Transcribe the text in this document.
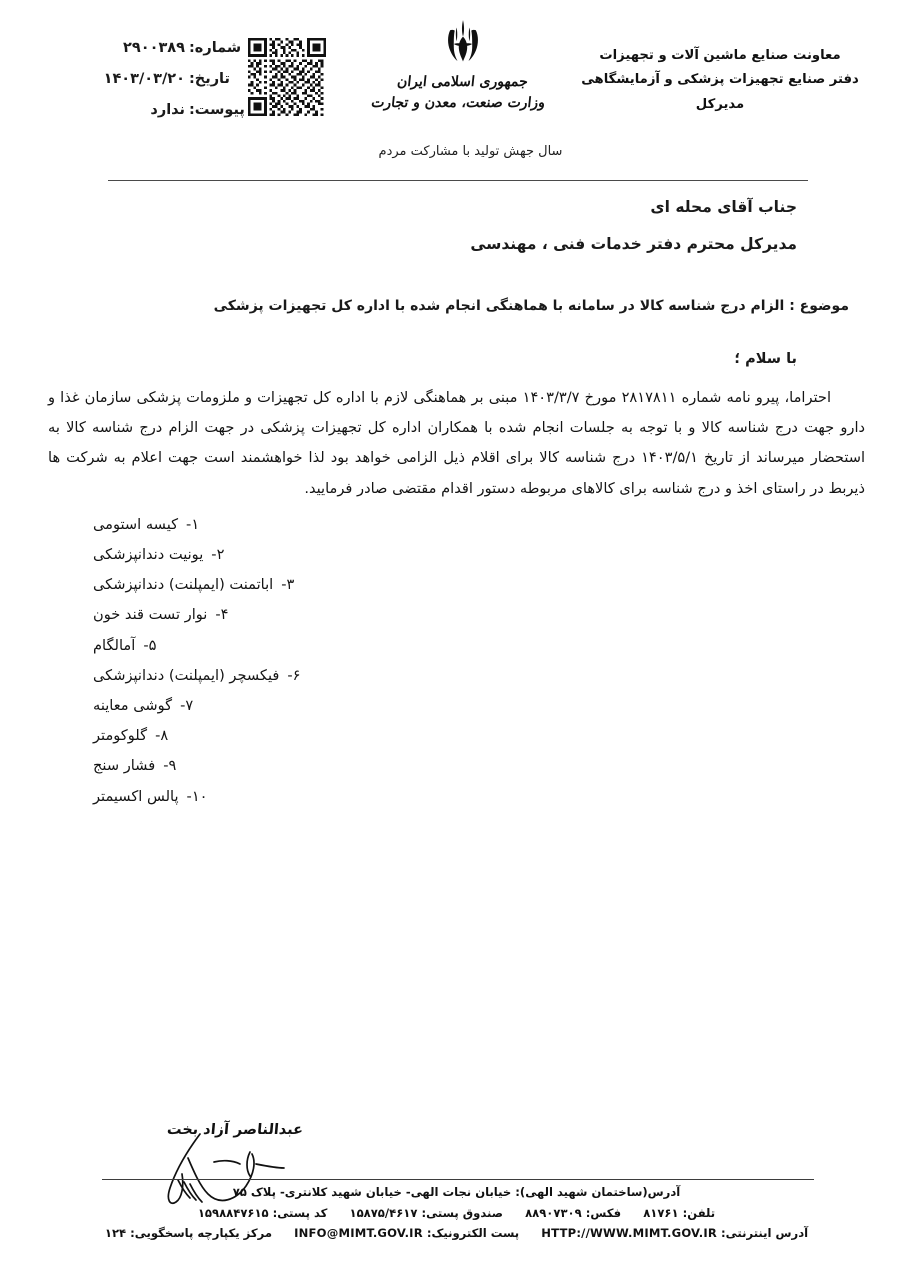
شماره:
۲۹۰۰۳۸۹
تاریخ:
۱۴۰۳/۰۳/۲۰
پیوست:
ندارد
جمهوری اسلامی ایران
وزارت صنعت، معدن و تجارت
معاونت صنایع ماشین آلات و تجهیزات
دفتر صنایع تجهیزات پزشکی و آزمایشگاهی
مدیرکل
سال جهش تولید با مشارکت مردم
جناب آقای محله ای
مدیرکل محترم دفتر خدمات فنی ، مهندسی
موضوع : الزام درج شناسه کالا در سامانه با هماهنگی انجام شده با اداره کل تجهیزات پزشکی
با سلام ؛

احتراما، پیرو نامه شماره ۲۸۱۷۸۱۱ مورخ ۱۴۰۳/۳/۷ مبنی بر هماهنگی لازم با اداره کل تجهیزات و ملزومات پزشکی سازمان غذا و دارو جهت درج شناسه کالا و با توجه به جلسات انجام شده با همکاران اداره کل تجهیزات پزشکی در جهت الزام درج شناسه کالا به استحضار میرساند از تاریخ ۱۴۰۳/۵/۱ درج شناسه کالا برای اقلام ذیل الزامی خواهد بود لذا خواهشمند است جهت اعلام به شرکت ها ذیربط در راستای اخذ و درج شناسه برای کالاهای مربوطه دستور اقدام مقتضی صادر فرمایید.

۱-
کیسه استومی
۲-
یونیت دندانپزشکی
۳-
اباتمنت (ایمپلنت) دندانپزشکی
۴-
نوار تست قند خون
۵-
آمالگام
۶-
فیکسچر (ایمپلنت) دندانپزشکی
۷-
گوشی معاینه
۸-
گلوکومتر
۹-
فشار سنج
۱۰-
پالس اکسیمتر
عبدالناصر آزاد بخت
آدرس(ساختمان شهید الهی): خیابان نجات الهی- خیابان شهید کلانتری- پلاک ۷۵
تلفن: ۸۱۷۶۱  فکس: ۸۸۹۰۷۳۰۹  صندوق پستی: ۱۵۸۷۵/۴۶۱۷  کد پستی: ۱۵۹۸۸۴۷۶۱۵
آدرس اینترنتی: HTTP://WWW.MIMT.GOV.IR  پست الکترونیک: INFO@MIMT.GOV.IR  مرکز یکپارچه پاسخگویی: ۱۲۴
